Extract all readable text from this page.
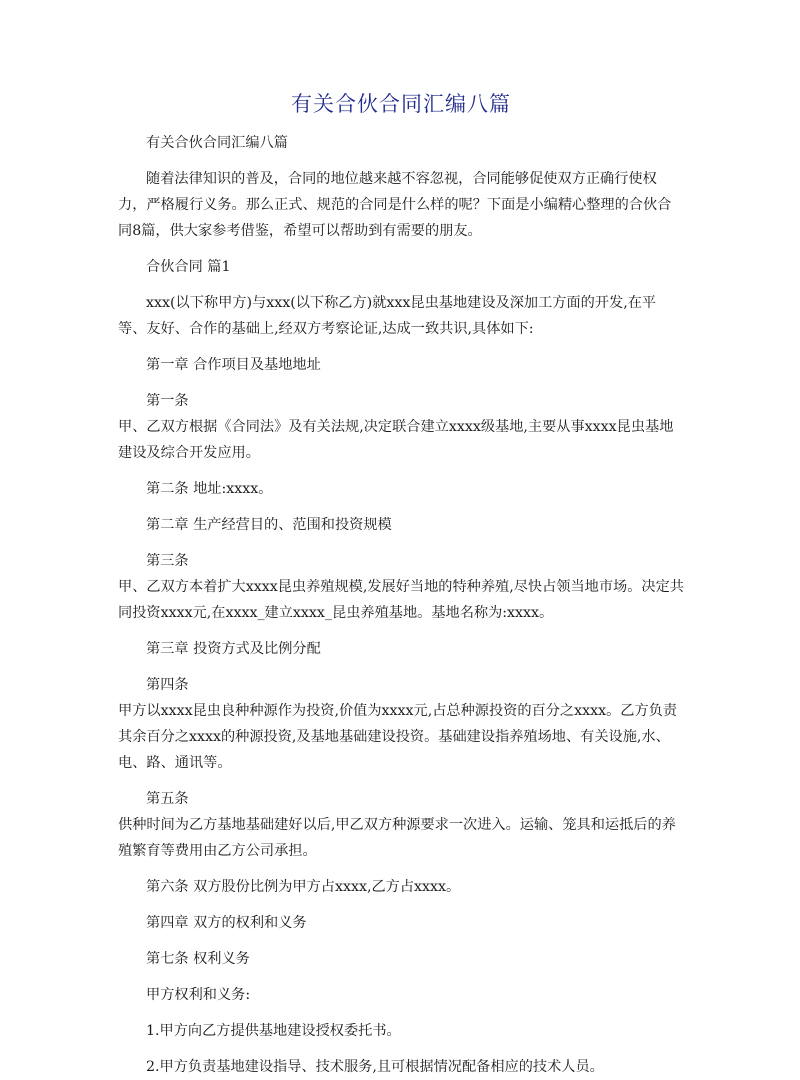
有关合伙合同汇编八篇

有关合伙合同汇编八篇

随着法律知识的普及，合同的地位越来越不容忽视，合同能够促使双方正确行使权力，严格履行义务。那么正式、规范的合同是什么样的呢？下面是小编精心整理的合伙合同8篇，供大家参考借鉴，希望可以帮助到有需要的朋友。

合伙合同 篇1

xxx(以下称甲方)与xxx(以下称乙方)就xxx昆虫基地建设及深加工方面的开发,在平等、友好、合作的基础上,经双方考察论证,达成一致共识,具体如下:

第一章 合作项目及基地地址

第一条

甲、乙双方根据《合同法》及有关法规,决定联合建立xxxx级基地,主要从事xxxx昆虫基地建设及综合开发应用。

第二条 地址:xxxx。

第二章 生产经营目的、范围和投资规模

第三条

甲、乙双方本着扩大xxxx昆虫养殖规模,发展好当地的特种养殖,尽快占领当地市场。决定共同投资xxxx元,在xxxx_建立xxxx_昆虫养殖基地。基地名称为:xxxx。

第三章 投资方式及比例分配

第四条

甲方以xxxx昆虫良种种源作为投资,价值为xxxx元,占总种源投资的百分之xxxx。乙方负责其余百分之xxxx的种源投资,及基地基础建设投资。基础建设指养殖场地、有关设施,水、电、路、通讯等。

第五条

供种时间为乙方基地基础建好以后,甲乙双方种源要求一次进入。运输、笼具和运抵后的养殖繁育等费用由乙方公司承担。

第六条 双方股份比例为甲方占xxxx,乙方占xxxx。

第四章 双方的权利和义务

第七条 权利义务

甲方权利和义务:

1.甲方向乙方提供基地建设授权委托书。

2.甲方负责基地建设指导、技术服务,且可根据情况配备相应的技术人员。
